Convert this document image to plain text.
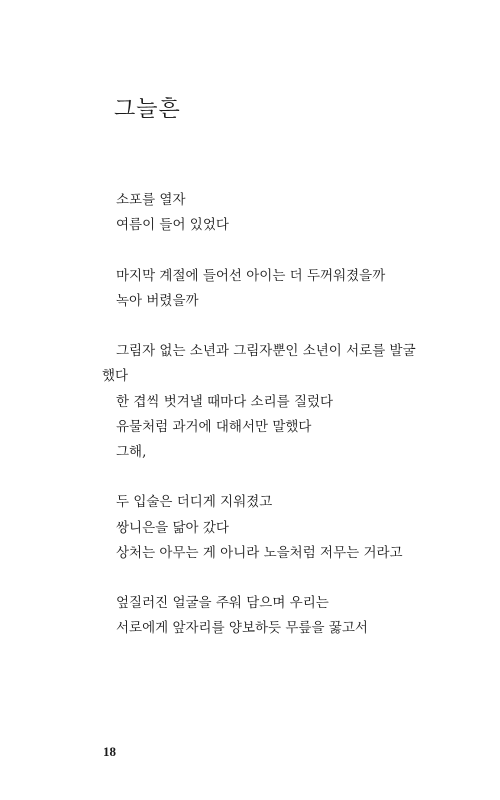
그늘흔
소포를 열자
여름이 들어 있었다
마지막 계절에 들어선 아이는 더 두꺼워졌을까
녹아 버렸을까
그림자 없는 소년과 그림자뿐인 소년이 서로를 발굴
했다
한 겹씩 벗겨낼 때마다 소리를 질렀다
유물처럼 과거에 대해서만 말했다
그해,
두 입술은 더디게 지워졌고
쌍니은을 닮아 갔다
상처는 아무는 게 아니라 노을처럼 저무는 거라고
엎질러진 얼굴을 주워 담으며 우리는
서로에게 앞자리를 양보하듯 무릎을 꿇고서
18
